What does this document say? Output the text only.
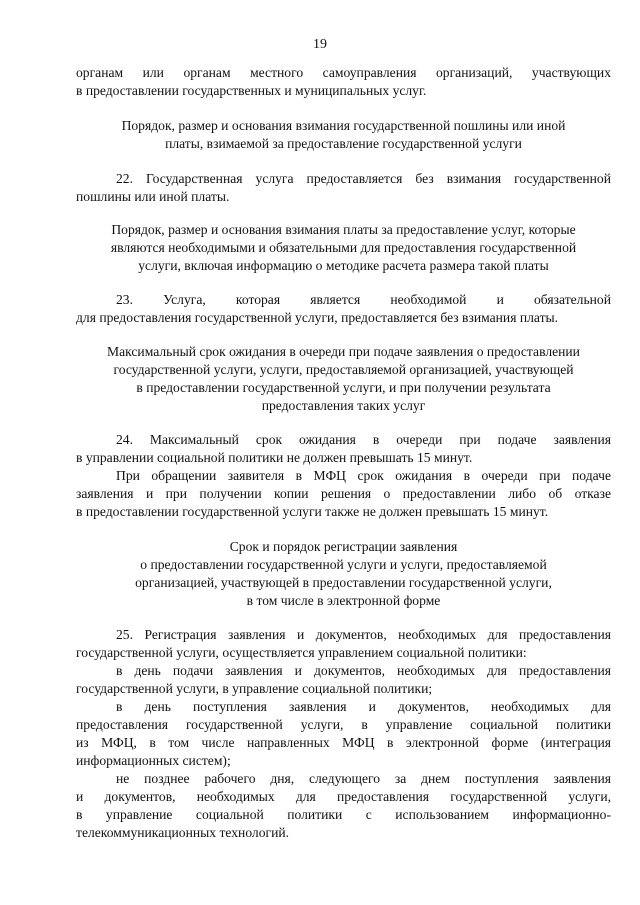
19
органам или органам местного самоуправления организаций, участвующих
в предоставлении государственных и муниципальных услуг.
Порядок, размер и основания взимания государственной пошлины или иной
платы, взимаемой за предоставление государственной услуги
22. Государственная услуга предоставляется без взимания государственной
пошлины или иной платы.
Порядок, размер и основания взимания платы за предоставление услуг, которые
являются необходимыми и обязательными для предоставления государственной
услуги, включая информацию о методике расчета размера такой платы
23. Услуга, которая является необходимой и обязательной
для предоставления государственной услуги, предоставляется без взимания платы.
Максимальный срок ожидания в очереди при подаче заявления о предоставлении
государственной услуги, услуги, предоставляемой организацией, участвующей
в предоставлении государственной услуги, и при получении результата
предоставления таких услуг
24. Максимальный срок ожидания в очереди при подаче заявления
в управлении социальной политики не должен превышать 15 минут.
При обращении заявителя в МФЦ срок ожидания в очереди при подаче
заявления и при получении копии решения о предоставлении либо об отказе
в предоставлении государственной услуги также не должен превышать 15 минут.
Срок и порядок регистрации заявления
о предоставлении государственной услуги и услуги, предоставляемой
организацией, участвующей в предоставлении государственной услуги,
в том числе в электронной форме
25. Регистрация заявления и документов, необходимых для предоставления
государственной услуги, осуществляется управлением социальной политики:
в день подачи заявления и документов, необходимых для предоставления
государственной услуги, в управление социальной политики;
в день поступления заявления и документов, необходимых для
предоставления государственной услуги, в управление социальной политики
из МФЦ, в том числе направленных МФЦ в электронной форме (интеграция
информационных систем);
не позднее рабочего дня, следующего за днем поступления заявления
и документов, необходимых для предоставления государственной услуги,
в управление социальной политики с использованием информационно-
телекоммуникационных технологий.
